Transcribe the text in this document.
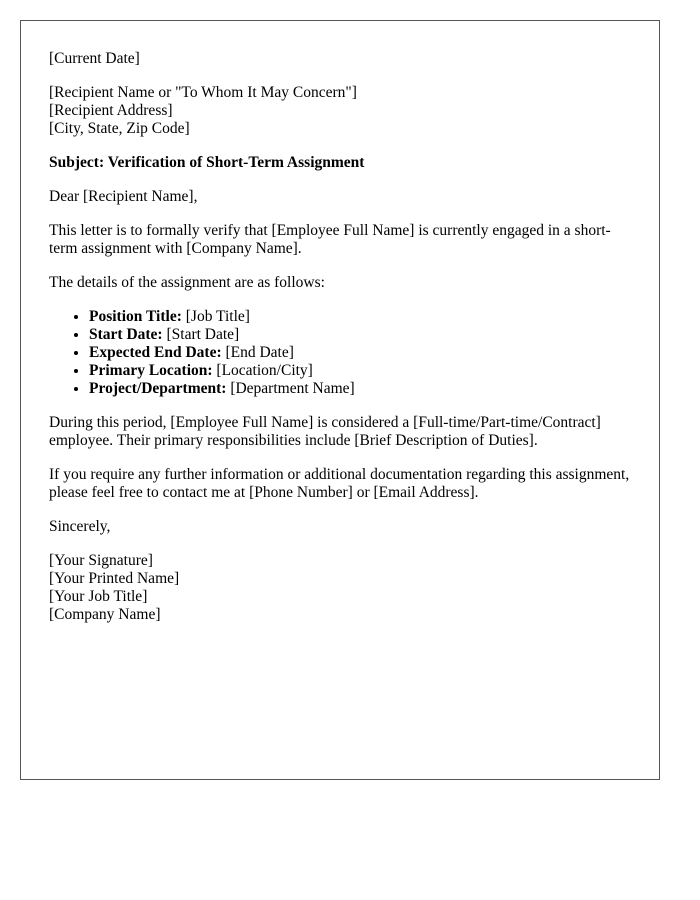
[Current Date]

[Recipient Name or "To Whom It May Concern"]
[Recipient Address]
[City, State, Zip Code]

Subject: Verification of Short-Term Assignment

Dear [Recipient Name],

This letter is to formally verify that [Employee Full Name] is currently engaged in a short-term assignment with [Company Name].

The details of the assignment are as follows:

• Position Title: [Job Title]
• Start Date: [Start Date]
• Expected End Date: [End Date]
• Primary Location: [Location/City]
• Project/Department: [Department Name]

During this period, [Employee Full Name] is considered a [Full-time/Part-time/Contract] employee. Their primary responsibilities include [Brief Description of Duties].

If you require any further information or additional documentation regarding this assignment, please feel free to contact me at [Phone Number] or [Email Address].

Sincerely,

[Your Signature]
[Your Printed Name]
[Your Job Title]
[Company Name]
